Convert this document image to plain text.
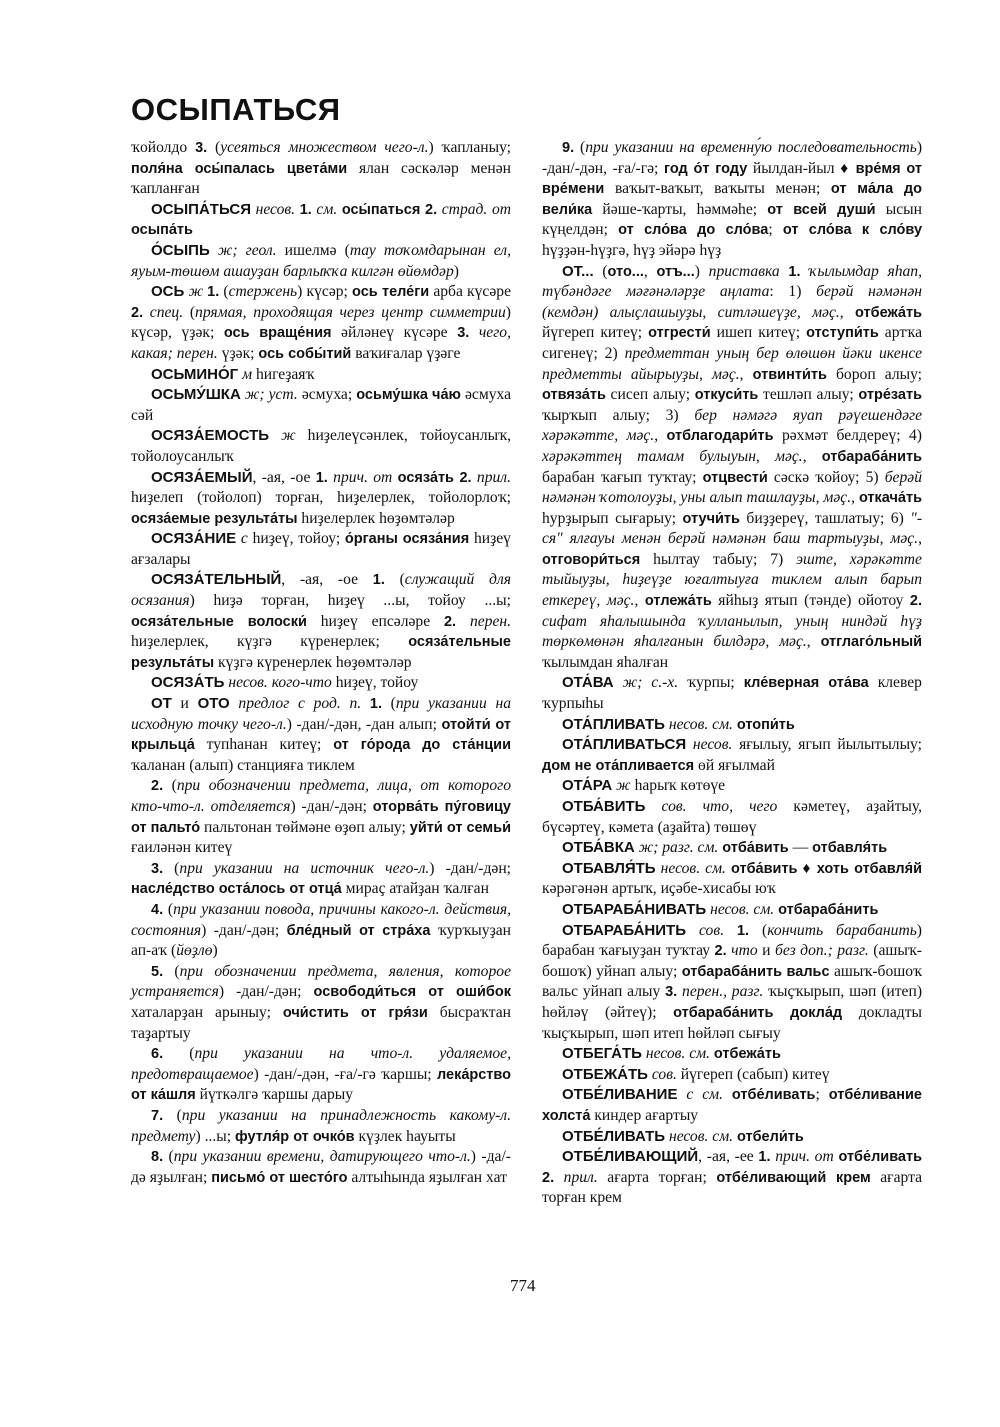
ОСЫПАТЬСЯ

ҡойолдо 3. (усеяться множеством чего-л.) ҡапланыу; поля́на осы́палась цвета́ми ялан сәскәләр менән ҡапланған

ОСЫПА́ТЬСЯ несов. 1. см. осы́паться 2. страд. от осыпа́ть

О́СЫПЬ ж; геол. ишелмә (тау тоҡомдарынан ел, яуым-төшөм ашауҙан барлыҡҡа килгән өйөмдәр)

ОСЬ ж 1. (стержень) күсәр; ось теле́ги арба күсәре 2. спец. (прямая, проходящая через центр симметрии) күсәр, үҙәк; ось враще́ния әйләнеү күсәре 3. чего, какая; перен. үҙәк; ось собы́тий ваҡиғалар үҙәге

ОСЬМИНО́Г м һигеҙаяҡ

ОСЬМУ́ШКА ж; уст. әсмуха; осьму́шка ча́ю әсмуха сәй

ОСЯЗА́ЕМОСТЬ ж һиҙелеүсәнлек, тойоусанлыҡ, тойолоусанлыҡ

ОСЯЗА́ЕМЫЙ, -ая, -ое 1. прич. от осяза́ть 2. прил. һиҙелеп (тойолоп) торған, һиҙелерлек, тойолорлоҡ; осяза́емые результа́ты һиҙелерлек һөҙөмтәләр

ОСЯЗА́НИЕ с һиҙеү, тойоу; о́рганы осяза́ния һиҙеү ағзалары

ОСЯЗА́ТЕЛЬНЫЙ, -ая, -ое 1. (служащий для осязания) һиҙә торған, һиҙеү ...ы, тойоу ...ы; осяза́тельные волоски́ һиҙеү епсәләре 2. перен. һиҙелерлек, күҙгә күренерлек; осяза́тельные результа́ты күҙгә күренерлек һөҙөмтәләр

ОСЯЗА́ТЬ несов. кого-что һиҙеү, тойоу

ОТ и ОТО предлог с род. п. 1. (при указании на исходную точку чего-л.) -дан/-дән, -дан алып; отойти́ от крыльца́ тупһанан китеү; от го́рода до ста́нции ҡаланан (алып) станцияға тиклем

2. (при обозначении предмета, лица, от которого кто-что-л. отделяется) -дан/-дән; оторва́ть пу́говицу от пальто́ пальтонан төймәне өҙөп алыу; уйти́ от семьи́ ғаиләнән китеү

3. (при указании на источник чего-л.) -дан/-дән; насле́дство оста́лось от отца́ мираҫ атайҙан ҡалған

4. (при указании повода, причины какого-л. действия, состояния) -дан/-дән; бле́дный от стра́ха ҡурҡыуҙан ап-аҡ (йөҙлө)

5. (при обозначении предмета, явления, которое устраняется) -дан/-дән; освободи́ться от оши́бок хаталарҙан арыныу; очи́стить от гря́зи бысраҡтан таҙартыу

6. (при указании на что-л. удаляемое, предотвращаемое) -дан/-дән, -ға/-гә ҡаршы; лека́рство от ка́шля йүткәлгә ҡаршы дарыу

7. (при указании на принадлежность какому-л. предмету) ...ы; футля́р от очко́в күҙлек һауыты

8. (при указании времени, датирующего что-л.) -да/-дә яҙылған; письмо́ от шесто́го алтыһында яҙылған хат

9. (при указании на временну́ю последовательность) -дан/-дән, -ға/-гә; год о́т году йылдан-йыл ♦ вре́мя от вре́мени ваҡыт-ваҡыт, ваҡыты менән; от ма́ла до вели́ка йәше-ҡарты, һәммәһе; от всей души́ ысын күңелдән; от сло́ва до сло́ва; от сло́ва к сло́ву һүҙҙән-һүҙгә, һүҙ эйәрә һүҙ

ОТ... (ото..., отъ...) приставка 1. ҡылымдар яһап, түбәндәге мәғәнәләрҙе аңлата: 1) берәй нәмәнән (кемдән) алыҫлашыуҙы, ситләшеүҙе, мәҫ., отбежа́ть йүгереп китеү; отгрести́ ишеп китеү; отступи́ть артҡа сигенеү; 2) предметтан уның бер өлөшөн йәки икенсе предметты айырыуҙы, мәҫ., отвинти́ть бороп алыу; отвяза́ть сисеп алыу; откуси́ть тешләп алыу; отре́зать ҡырҡып алыу; 3) бер нәмәгә яуап рәүешендәге хәрәкәтте, мәҫ., отблагодари́ть рәхмәт белдереү; 4) хәрәкәттең тамам булыуын, мәҫ., отбараба́нить барабан ҡағып туҡтау; отцвести́ сәскә ҡойоу; 5) берәй нәмәнән ҡотолоуҙы, уны алып ташлауҙы, мәҫ., откача́ть һурҙырып сығарыу; отучи́ть биҙҙереү, ташлатыу; 6) "-ся" ялғауы менән берәй нәмәнән баш тартыуҙы, мәҫ., отговори́ться һылтау табыу; 7) эште, хәрәкәтте тыйыуҙы, һиҙеүҙе юғалтыуға тиклем алып барып еткереү, мәҫ., отлежа́ть яйһыҙ ятып (тәнде) ойотоу 2. сифат яһалышында ҡулланылып, уның ниндәй һүҙ төркөмөнән яһалғанын билдәрә, мәҫ., отглаго́льный ҡылымдан яһалған

ОТА́ВА ж; с.-х. ҡурпы; кле́верная ота́ва клевер ҡурпыһы

ОТА́ПЛИВАТЬ несов. см. отопи́ть

ОТА́ПЛИВАТЬСЯ несов. яғылыу, ягып йылытылыу; дом не ота́пливается өй яғылмай

ОТА́РА ж һарыҡ көтөүе

ОТБА́ВИТЬ сов. что, чего кәметеү, аҙайтыу, бүсәртеү, кәмета (аҙайта) төшөү

ОТБА́ВКА ж; разг. см. отба́вить — отбавля́ть

ОТБАВЛЯ́ТЬ несов. см. отба́вить ♦ хоть отбавля́й кәрәгәнән артыҡ, иҫәбе-хисабы юҡ

ОТБАРАБА́НИВАТЬ несов. см. отбараба́нить

ОТБАРАБА́НИТЬ сов. 1. (кончить барабанить) барабан ҡағыуҙан туҡтау 2. что и без доп.; разг. (ашыҡ-бошоҡ) уйнап алыу; отбараба́нить вальс ашыҡ-бошоҡ вальс уйнап алыу 3. перен., разг. ҡыҫҡырып, шәп (итеп) һөйләү (әйтеү); отбараба́нить докла́д докладты ҡыҫҡырып, шәп итеп һөйләп сығыу

ОТБЕГА́ТЬ несов. см. отбежа́ть

ОТБЕЖА́ТЬ сов. йүгереп (сабып) китеү

ОТБЕ́ЛИВАНИЕ с см. отбе́ливать; отбе́ливание холста́ киндер ағартыу

ОТБЕ́ЛИВАТЬ несов. см. отбели́ть

ОТБЕ́ЛИВАЮЩИЙ, -ая, -ее 1. прич. от отбе́ливать 2. прил. ағарта торған; отбе́ливающий крем ағарта торған крем

774
